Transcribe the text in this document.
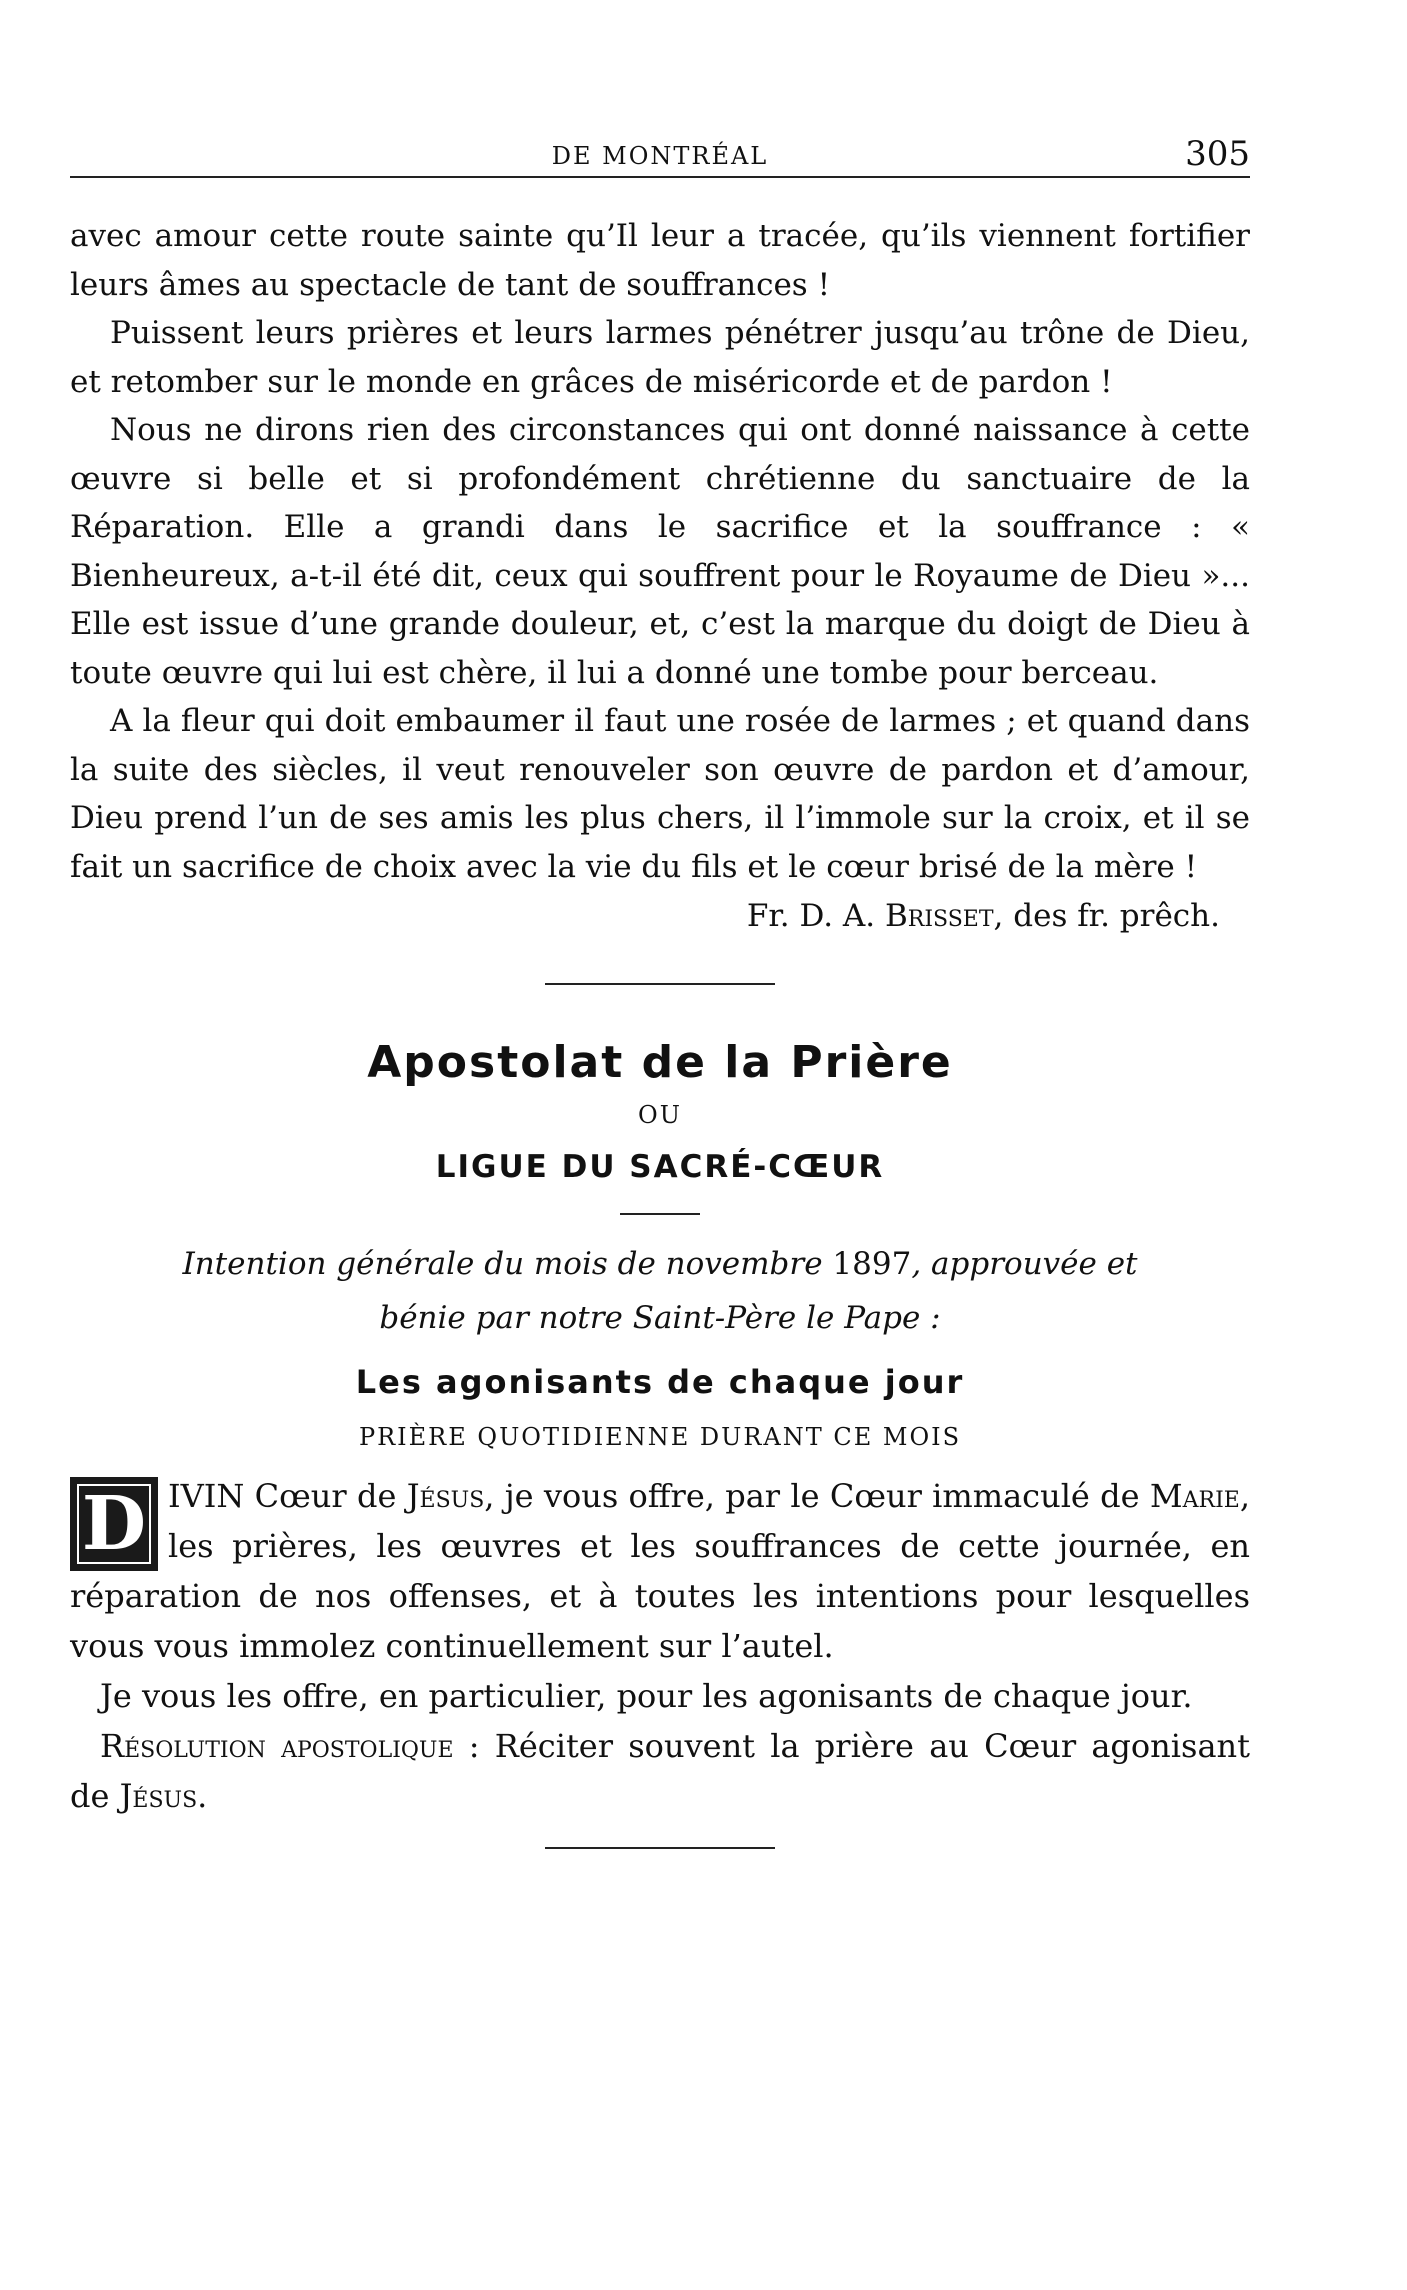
DE MONTRÉAL	305

avec amour cette route sainte qu’Il leur a tracée, qu’ils viennent fortifier leurs âmes au spectacle de tant de souffrances !

Puissent leurs prières et leurs larmes pénétrer jusqu’au trône de Dieu, et retomber sur le monde en grâces de miséricorde et de pardon !

Nous ne dirons rien des circonstances qui ont donné naissance à cette œuvre si belle et si profondément chrétienne du sanctuaire de la Réparation. Elle a grandi dans le sacrifice et la souffrance : « Bienheureux, a-t-il été dit, ceux qui souffrent pour le Royaume de Dieu »... Elle est issue d’une grande douleur, et, c’est la marque du doigt de Dieu à toute œuvre qui lui est chère, il lui a donné une tombe pour berceau.

A la fleur qui doit embaumer il faut une rosée de larmes ; et quand dans la suite des siècles, il veut renouveler son œuvre de pardon et d’amour, Dieu prend l’un de ses amis les plus chers, il l’immole sur la croix, et il se fait un sacrifice de choix avec la vie du fils et le cœur brisé de la mère !

Fr. D. A. Brisset, des fr. prêch.
Apostolat de la Prière
OU
LIGUE DU SACRÉ-CŒUR
Intention générale du mois de novembre 1897, approuvée et
bénie par notre Saint-Père le Pape :
Les agonisants de chaque jour
PRIÈRE QUOTIDIENNE DURANT CE MOIS

D IVIN Cœur de Jésus, je vous offre, par le Cœur immaculé de Marie, les prières, les œuvres et les souffrances de cette journée, en réparation de nos offenses, et à toutes les intentions pour lesquelles vous vous immolez continuellement sur l’autel.

Je vous les offre, en particulier, pour les agonisants de chaque jour.

Résolution apostolique : Réciter souvent la prière au Cœur agonisant de Jésus.
